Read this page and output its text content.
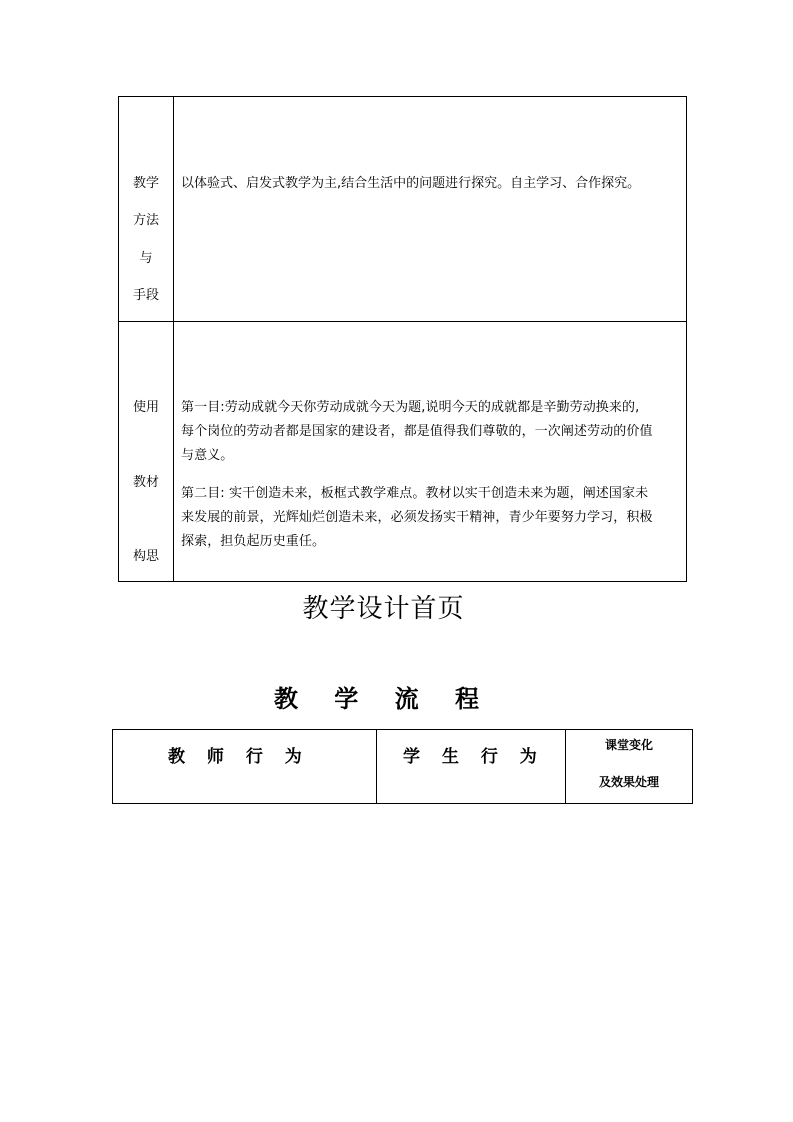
教学
方法
与
手段
以体验式、启发式教学为主,结合生活中的问题进行探究。自主学习、合作探究。
使用
教材
构思
第一目:劳动成就今天你劳动成就今天为题,说明今天的成就都是辛勤劳动换来的,
每个岗位的劳动者都是国家的建设者，都是值得我们尊敬的，一次阐述劳动的价值
与意义。
第二目: 实干创造未来，板框式教学难点。教材以实干创造未来为题，阐述国家未
来发展的前景，光辉灿烂创造未来，必须发扬实干精神，青少年要努力学习，积极
探索，担负起历史重任。
教学设计首页
教 学 流 程
教 师 行 为	学 生 行 为
课堂变化
及效果处理
